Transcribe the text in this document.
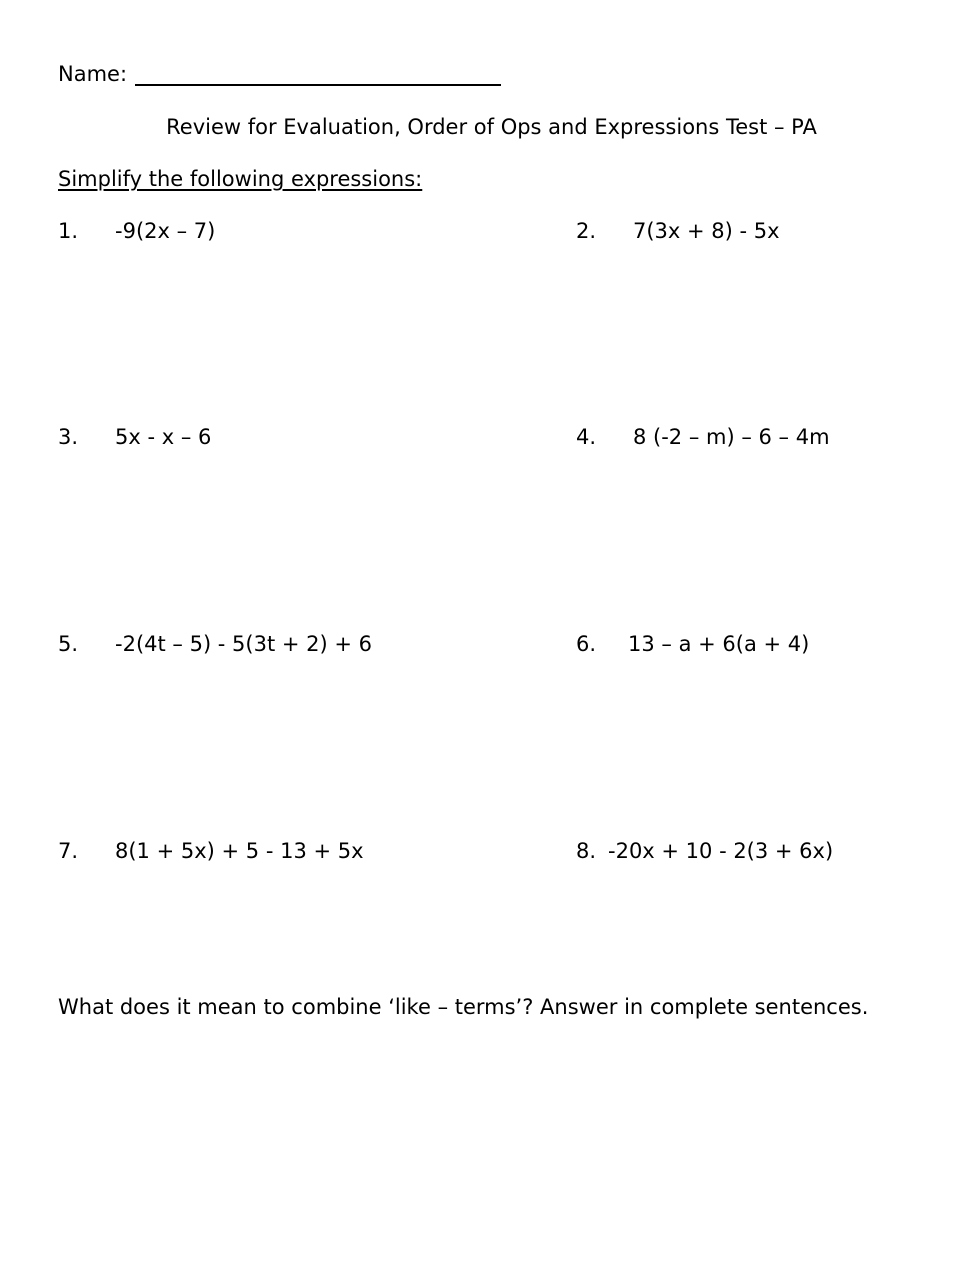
Name:
Review for Evaluation, Order of Ops and Expressions Test – PA
Simplify the following expressions:
1. -9(2x – 7)	2. 7(3x + 8) - 5x
3. 5x - x – 6	4. 8 (-2 – m) – 6 – 4m
5. -2(4t – 5) - 5(3t + 2) + 6	6. 13 – a + 6(a + 4)
7. 8(1 + 5x) + 5 - 13 + 5x	8. -20x + 10 - 2(3 + 6x)
What does it mean to combine ‘like – terms’? Answer in complete sentences.
